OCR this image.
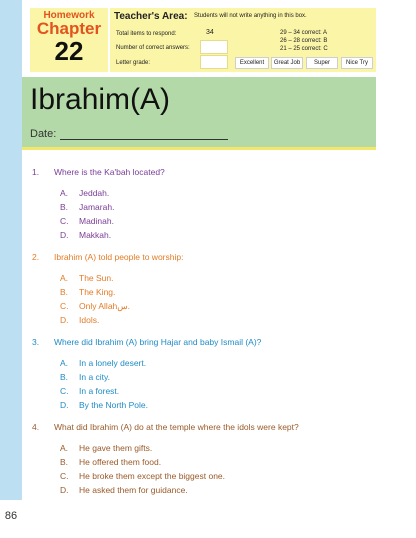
86
Homework
Chapter
22
Teacher's Area: Students will not write anything in this box.
Total items to respond:	34
Number of correct answers:
Letter grade:
29 – 34 correct: A
26 – 28 correct: B
21 – 25 correct: C
Excellent	Great Job	Super	Nice Try
Ibrahim(A)
Date:
1. Where is the Ka'bah located?
A. Jeddah.
B. Jamarah.
C. Madinah.
D. Makkah.
2. Ibrahim (A) told people to worship:
A. The Sun.
B. The King.
C. Only Allahس.
D. Idols.
3. Where did Ibrahim (A) bring Hajar and baby Ismail (A)?
A. In a lonely desert.
B. In a city.
C. In a forest.
D. By the North Pole.
4. What did Ibrahim (A) do at the temple where the idols were kept?
A. He gave them gifts.
B. He offered them food.
C. He broke them except the biggest one.
D. He asked them for guidance.
